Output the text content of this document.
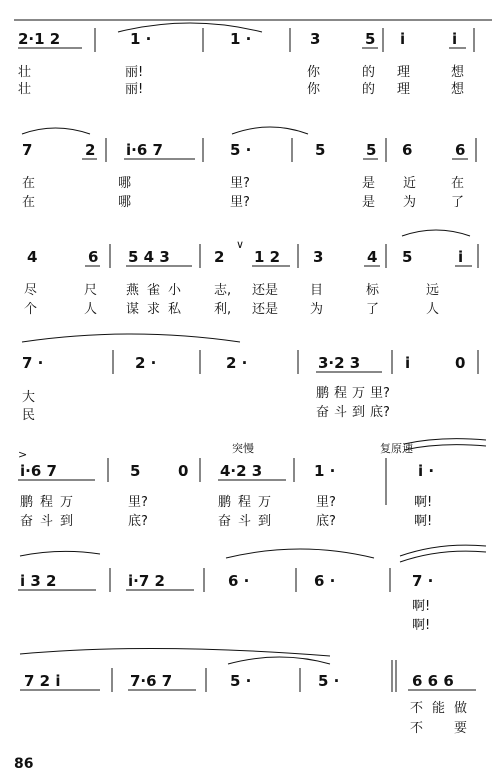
2·1 2	1 ·	1 ·	3	5 i	i
壮	丽!	你	的 理	想
壮	丽!	你	的 理	想
7	2 i·6 7	5 ·	5	5 6	6
在	哪	里?	是 近	在
在	哪	里?	是 为	了
4	6 5 4 3	2
∨
1 2 3	4 5	i
尽	尺 燕雀小 志, 还是 目	标	远
个	人 谋求私 利, 还是 为	了	人
7 ·	2 ·	2 ·	3·2 3	i	0
大	鹏 程 万 里?
民	奋 斗 到 底?
突慢	复原速
>
i·6 7	5	0 4·2 3	1 ·	i ·
鹏 程 万	里?	鹏 程 万	里?	啊!
奋 斗 到	底?	奋 斗 到	底?	啊!
i 3 2	i·7 2	6 ·	6 ·	7 ·
啊!
啊!
7 2 i	7·6 7	5 ·	5 ·	6 6 6
不 能 做
不 要
86
